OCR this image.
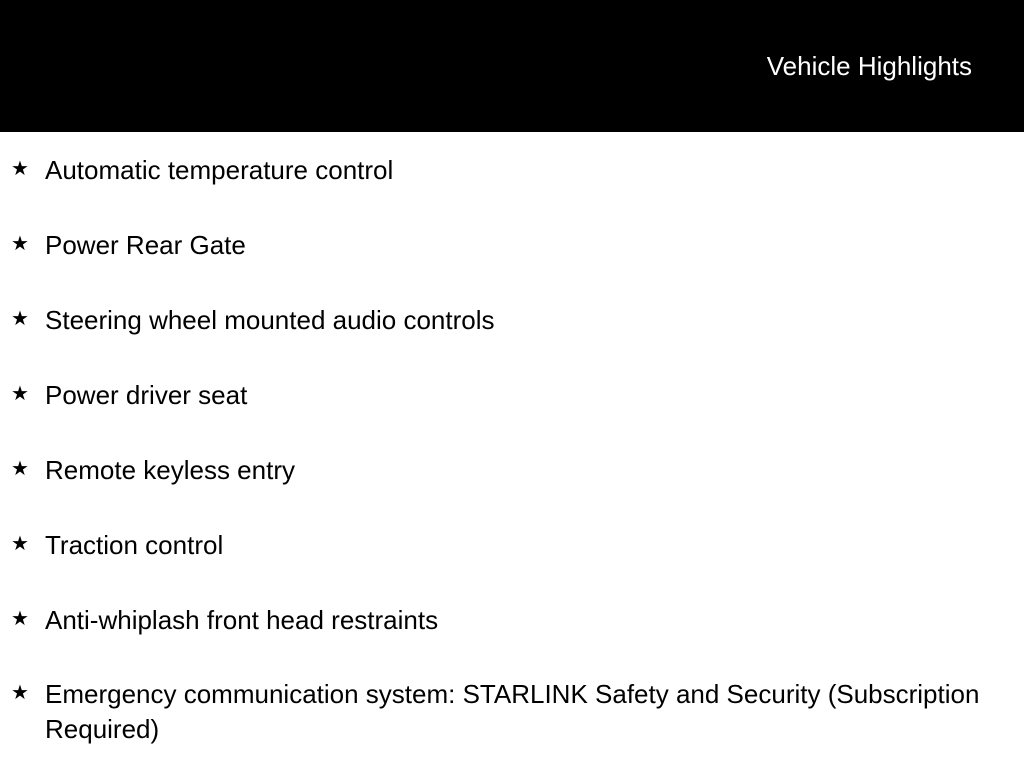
Vehicle Highlights
★ Automatic temperature control
★ Power Rear Gate
★ Steering wheel mounted audio controls
★ Power driver seat
★ Remote keyless entry
★ Traction control
★ Anti-whiplash front head restraints
★ Emergency communication system: STARLINK Safety and Security (Subscription Required)
